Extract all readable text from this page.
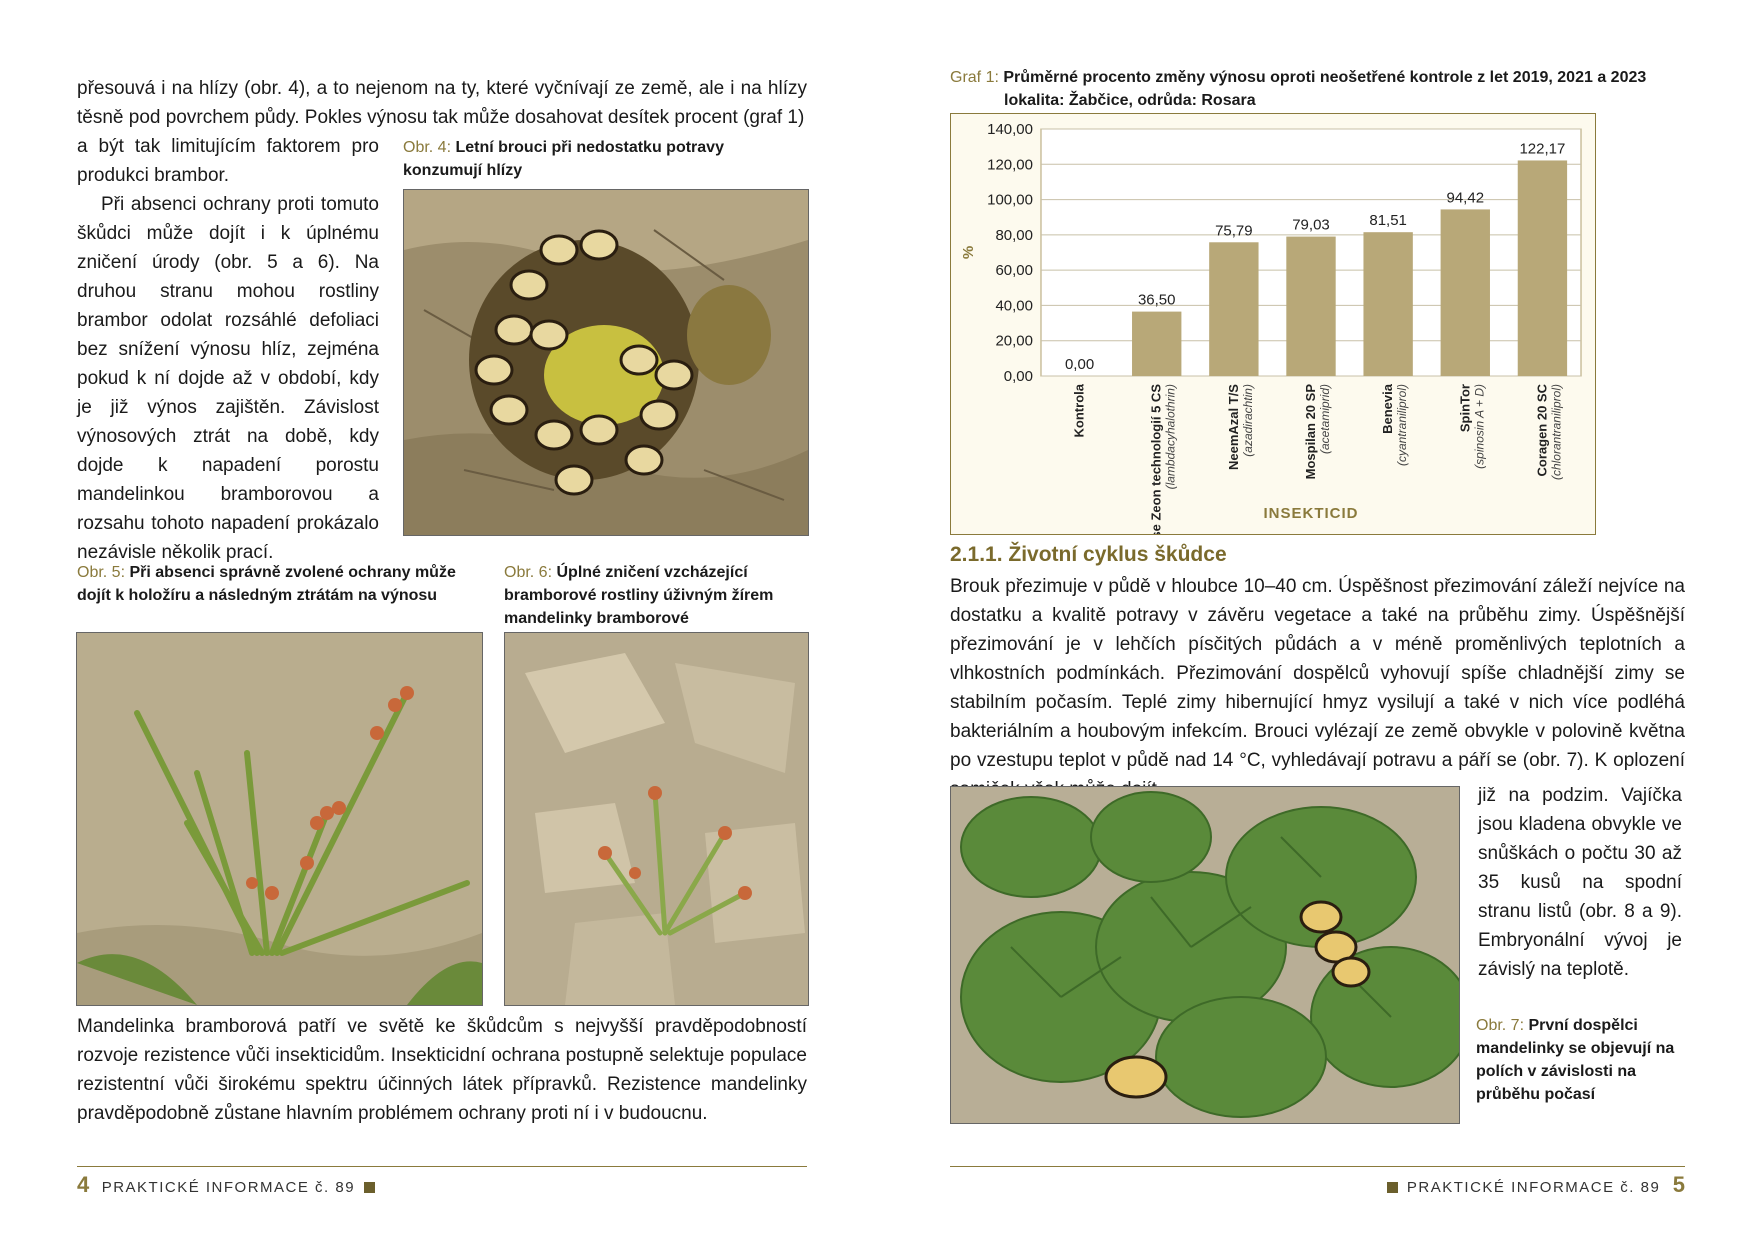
přesouvá i na hlízy (obr. 4), a to nejenom na ty, které vyčnívají ze země, ale i na hlízy těsně pod povrchem půdy. Pokles výnosu tak může dosahovat desítek procent (graf 1)
a být tak limitujícím faktorem pro produkci brambor.
Při absenci ochrany proti tomuto škůdci může dojít i k úplnému zničení úrody (obr. 5 a 6). Na druhou stranu mohou rostliny brambor odolat rozsáhlé defoliaci bez snížení výnosu hlíz, zejména pokud k ní dojde až v období, kdy je již výnos zajištěn. Závislost výnosových ztrát na době, kdy dojde k napadení porostu mandelinkou bramborovou a rozsahu tohoto napadení prokázalo nezávisle několik prací.
Obr. 4: Letní brouci při nedostatku potravy konzumují hlízy
Obr. 5: Při absenci správně zvolené ochrany může dojít k holožíru a následným ztrátám na výnosu
Obr. 6: Úplné zničení vzcházející bramborové rostliny úživným žírem mandelinky bramborové
Mandelinka bramborová patří ve světě ke škůdcům s nejvyšší pravděpodobností rozvoje rezistence vůči insekticidům. Insekticidní ochrana postupně selektuje populace rezistentní vůči širokému spektru účinných látek přípravků. Rezistence mandelinky pravděpodobně zůstane hlavním problémem ochrany proti ní i v budoucnu.
4 PRAKTICKÉ INFORMACE č. 89
Graf 1: Průměrné procento změny výnosu oproti neošetřené kontrole z let 2019, 2021 a 2023
lokalita: Žabčice, odrůda: Rosara
0,00
20,00
40,00
60,00
80,00
100,00
120,00
140,00
%
0,00
Kontrola
36,50
Karate se Zeon technologií 5 CS (lambdacyhalothrin)
75,79
NeemAzal T/S (azadirachtin)
79,03
Mospilan 20 SP (acetamiprid)
81,51
Benevia (cyantraniliprol)
94,42
SpinTor (spinosin A + D)
122,17
Coragen 20 SC (chlorantraniliprol)
INSEKTICID
2.1.1. Životní cyklus škůdce
Brouk přezimuje v půdě v hloubce 10–40 cm. Úspěšnost přezimování záleží nejvíce na dostatku a kvalitě potravy v závěru vegetace a také na průběhu zimy. Úspěšnější přezimování je v lehčích písčitých půdách a v méně proměnlivých teplotních a vlhkostních podmínkách. Přezimování dospělců vyhovují spíše chladnější zimy se stabilním počasím. Teplé zimy hibernující hmyz vysilují a také v nich více podléhá bakteriálním a houbovým infekcím. Brouci vylézají ze země obvykle v polovině května po vzestupu teplot v půdě nad 14 °C, vyhledávají potravu a páří se (obr. 7). K oplození
již na podzim. Vajíčka jsou kladena obvykle ve snůškách o počtu 30 až 35 kusů na spodní stranu listů (obr. 8 a 9). Embryonální vývoj je závislý na teplotě.
Obr. 7: První dospělci mandelinky se objevují na polích v závislosti na průběhu počasí
PRAKTICKÉ INFORMACE č. 89 5
